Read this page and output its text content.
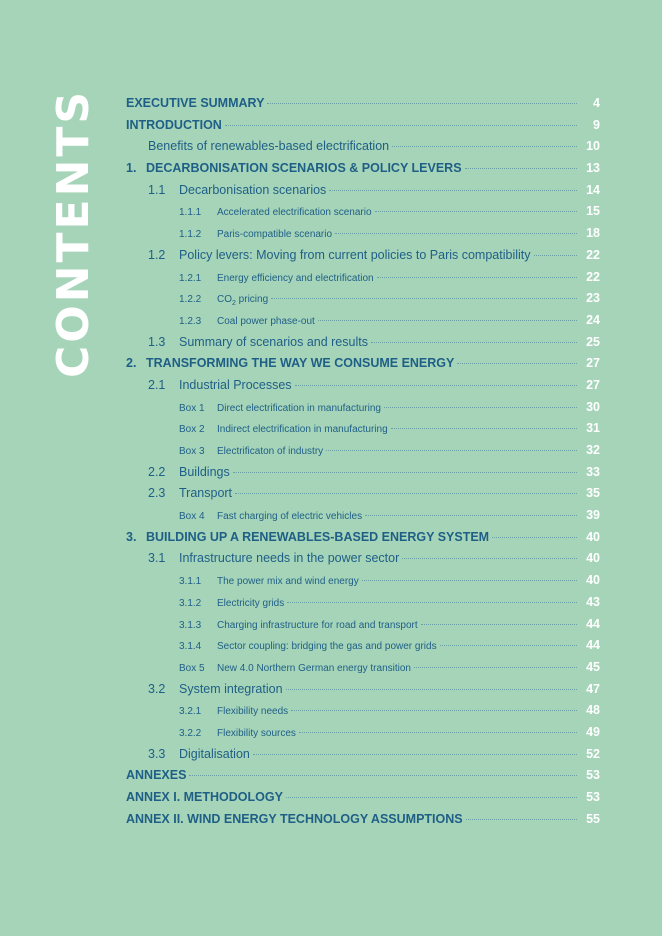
CONTENTS EXECUTIVE SUMMARY	4
INTRODUCTION	9
Benefits of renewables-based electrification	10
1. DECARBONISATION SCENARIOS & POLICY LEVERS	13
1.1	Decarbonisation scenarios	14
1.1.1	Accelerated electrification scenario	15
1.1.2	Paris-compatible scenario	18
1.2	Policy levers: Moving from current policies to Paris compatibility	22
1.2.1	Energy efficiency and electrification	22
1.2.2	$CO_2$ pricing	23
1.2.3	Coal power phase-out	24
1.3	Summary of scenarios and results	25
2. TRANSFORMING THE WAY WE CONSUME ENERGY	27
2.1	Industrial Processes	27
Box 1	Direct electrification in manufacturing	30
Box 2	Indirect electrification in manufacturing	31
Box 3	Electrificaton of industry	32
2.2	Buildings	33
2.3	Transport	35
Box 4	Fast charging of electric vehicles	39
3. BUILDING UP A RENEWABLES-BASED ENERGY SYSTEM	40
3.1	Infrastructure needs in the power sector	40
3.1.1	The power mix and wind energy	40
3.1.2	Electricity grids	43
3.1.3	Charging infrastructure for road and transport	44
3.1.4	Sector coupling: bridging the gas and power grids	44
Box 5	New 4.0 Northern German energy transition	45
3.2	System integration	47
3.2.1	Flexibility needs	48
3.2.2	Flexibility sources	49
3.3	Digitalisation	52
ANNEXES	53
ANNEX I. METHODOLOGY	53
ANNEX II. WIND ENERGY TECHNOLOGY ASSUMPTIONS	55
